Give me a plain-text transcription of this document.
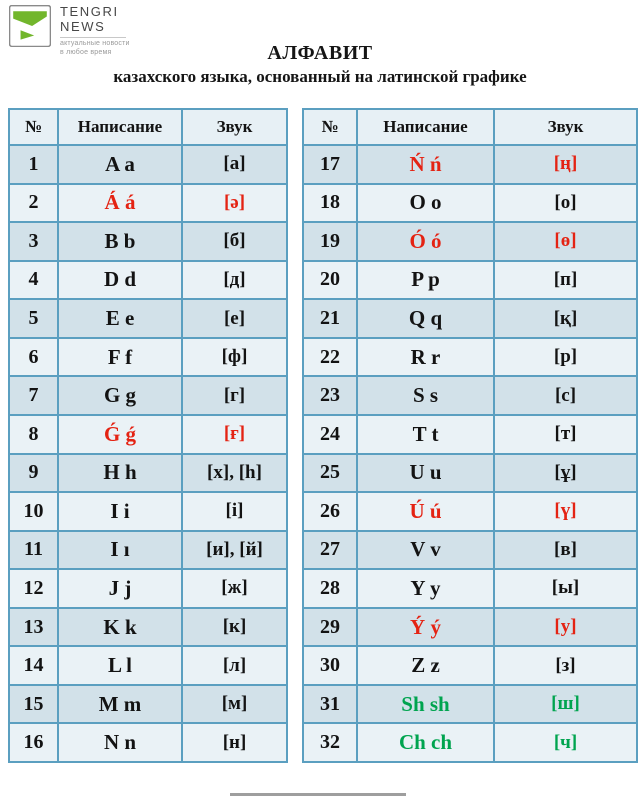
TENGRI
NEWS
актуальные новости
в любое время	АЛФАВИТ
казахского языка, основанный на латинской графике
№	Написание	Звук
1	A a	[а]
2	Á á	[ә]
3	B b	[б]
4	D d	[д]
5	E e	[е]
6	F f	[ф]
7	G g	[г]
8	Ǵ ǵ	[ғ]
9	H h	[х], [h]
10	I i	[і]
11	I ı	[и], [й]
12	J j	[ж]
13	K k	[к]
14	L l	[л]
15	M m	[м]
16	N n	[н]
№	Написание	Звук
17	Ń ń	[ң]
18	O o	[о]
19	Ó ó	[ө]
20	P p	[п]
21	Q q	[қ]
22	R r	[р]
23	S s	[с]
24	T t	[т]
25	U u	[ұ]
26	Ú ú	[ү]
27	V v	[в]
28	Y y	[ы]
29	Ý ý	[у]
30	Z z	[з]
31	Sh sh	[ш]
32	Ch ch	[ч]
